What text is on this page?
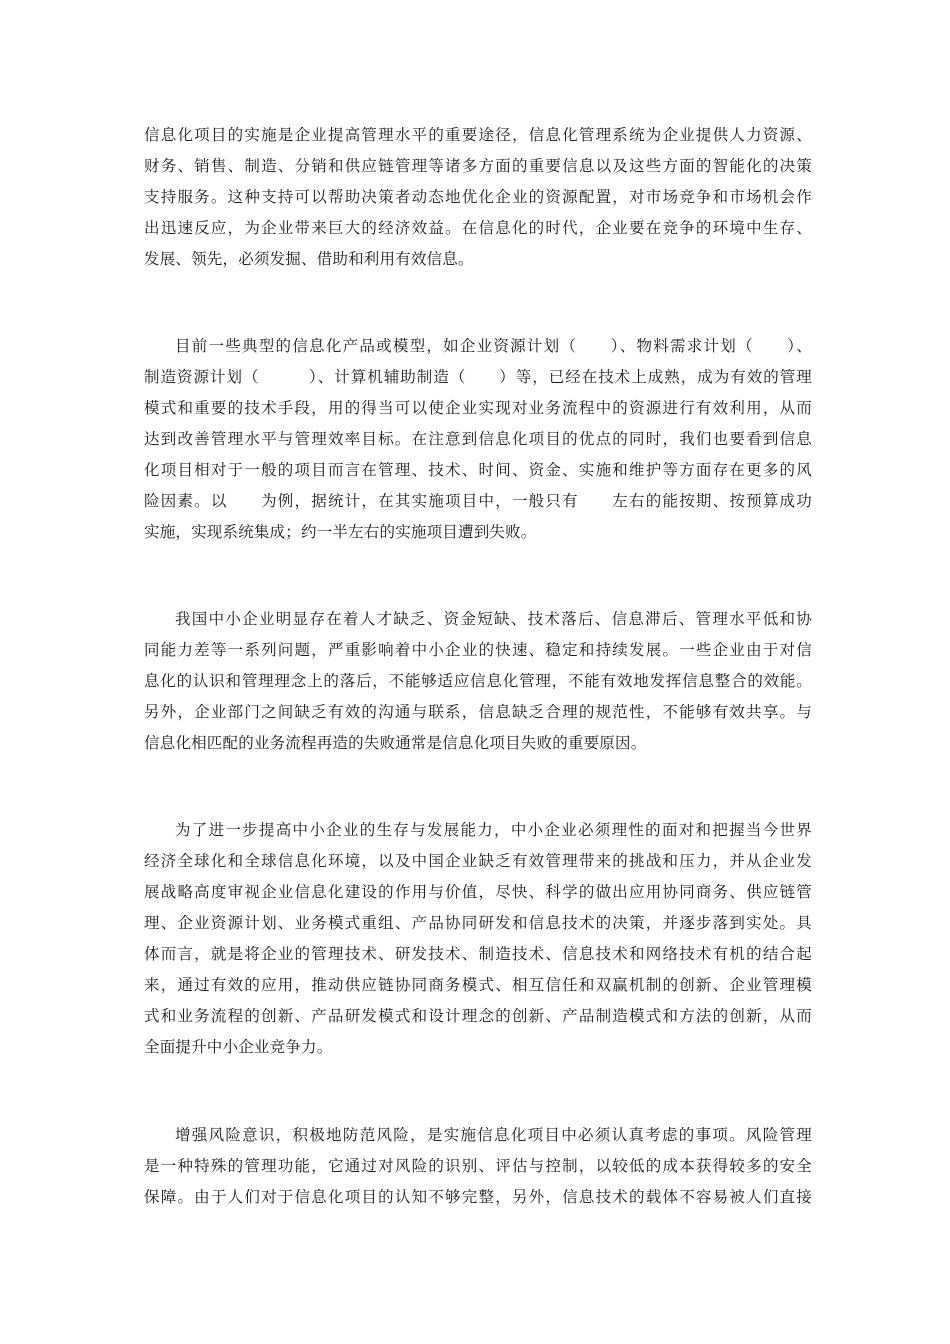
信息化项目的实施是企业提高管理水平的重要途径，信息化管理系统为企业提供人力资源、
财务、销售、制造、分销和供应链管理等诸多方面的重要信息以及这些方面的智能化的决策
支持服务。这种支持可以帮助决策者动态地优化企业的资源配置，对市场竞争和市场机会作
出迅速反应，为企业带来巨大的经济效益。在信息化的时代，企业要在竞争的环境中生存、
发展、领先，必须发掘、借助和利用有效信息。
目前一些典型的信息化产品或模型，如企业资源计划（　　）、物料需求计划（　　）、
制造资源计划（　　　）、计算机辅助制造（　　）等，已经在技术上成熟，成为有效的管理
模式和重要的技术手段，用的得当可以使企业实现对业务流程中的资源进行有效利用，从而
达到改善管理水平与管理效率目标。在注意到信息化项目的优点的同时，我们也要看到信息
化项目相对于一般的项目而言在管理、技术、时间、资金、实施和维护等方面存在更多的风
险因素。以　　为例，据统计，在其实施项目中，一般只有　　左右的能按期、按预算成功
实施，实现系统集成；约一半左右的实施项目遭到失败。
我国中小企业明显存在着人才缺乏、资金短缺、技术落后、信息滞后、管理水平低和协
同能力差等一系列问题，严重影响着中小企业的快速、稳定和持续发展。一些企业由于对信
息化的认识和管理理念上的落后，不能够适应信息化管理，不能有效地发挥信息整合的效能。
另外，企业部门之间缺乏有效的沟通与联系，信息缺乏合理的规范性，不能够有效共享。与
信息化相匹配的业务流程再造的失败通常是信息化项目失败的重要原因。
为了进一步提高中小企业的生存与发展能力，中小企业必须理性的面对和把握当今世界
经济全球化和全球信息化环境，以及中国企业缺乏有效管理带来的挑战和压力，并从企业发
展战略高度审视企业信息化建设的作用与价值，尽快、科学的做出应用协同商务、供应链管
理、企业资源计划、业务模式重组、产品协同研发和信息技术的决策，并逐步落到实处。具
体而言，就是将企业的管理技术、研发技术、制造技术、信息技术和网络技术有机的结合起
来，通过有效的应用，推动供应链协同商务模式、相互信任和双赢机制的创新、企业管理模
式和业务流程的创新、产品研发模式和设计理念的创新、产品制造模式和方法的创新，从而
全面提升中小企业竞争力。
增强风险意识，积极地防范风险，是实施信息化项目中必须认真考虑的事项。风险管理
是一种特殊的管理功能，它通过对风险的识别、评估与控制，以较低的成本获得较多的安全
保障。由于人们对于信息化项目的认知不够完整，另外，信息技术的载体不容易被人们直接
